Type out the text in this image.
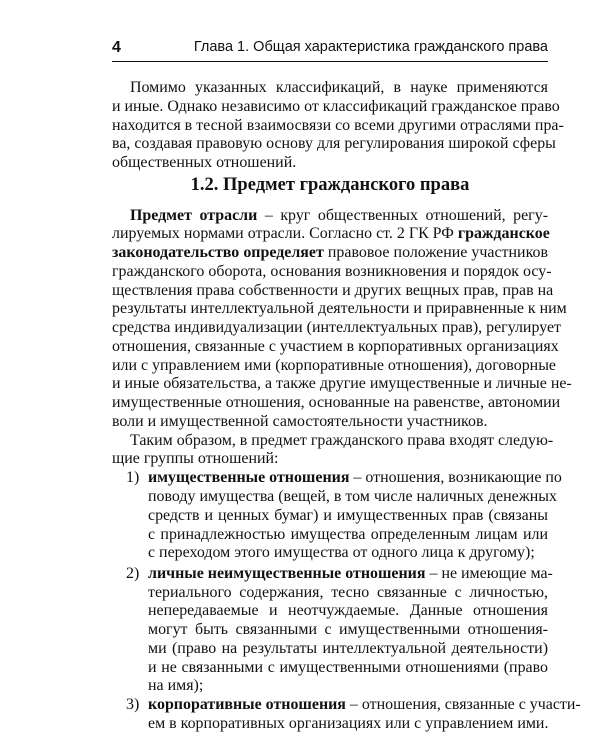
4	Глава 1. Общая характеристика гражданского права
Помимо указанных классификаций, в науке применяются
и иные. Однако независимо от классификаций гражданское право
находится в тесной взаимосвязи со всеми другими отраслями пра-
ва, создавая правовую основу для регулирования широкой сферы
общественных отношений.
1.2. Предмет гражданского права
Предмет отрасли – круг общественных отношений, регу-
лируемых нормами отрасли. Согласно ст. 2 ГК РФ гражданское
законодательство определяет правовое положение участников
гражданского оборота, основания возникновения и порядок осу-
ществления права собственности и других вещных прав, прав на
результаты интеллектуальной деятельности и приравненные к ним
средства индивидуализации (интеллектуальных прав), регулирует
отношения, связанные с участием в корпоративных организациях
или с управлением ими (корпоративные отношения), договорные
и иные обязательства, а также другие имущественные и личные не-
имущественные отношения, основанные на равенстве, автономии
воли и имущественной самостоятельности участников.
Таким образом, в предмет гражданского права входят следую-
щие группы отношений:
1) имущественные отношения – отношения, возникающие по
поводу имущества (вещей, в том числе наличных денежных
средств и ценных бумаг) и имущественных прав (связаны
с принадлежностью имущества определенным лицам или
с переходом этого имущества от одного лица к другому);
2) личные неимущественные отношения – не имеющие ма-
териального содержания, тесно связанные с личностью,
непередаваемые и неотчуждаемые. Данные отношения
могут быть связанными с имущественными отношения-
ми (право на результаты интеллектуальной деятельности)
и не связанными с имущественными отношениями (право
на имя);
3) корпоративные отношения – отношения, связанные с участи-
ем в корпоративных организациях или с управлением ими.
